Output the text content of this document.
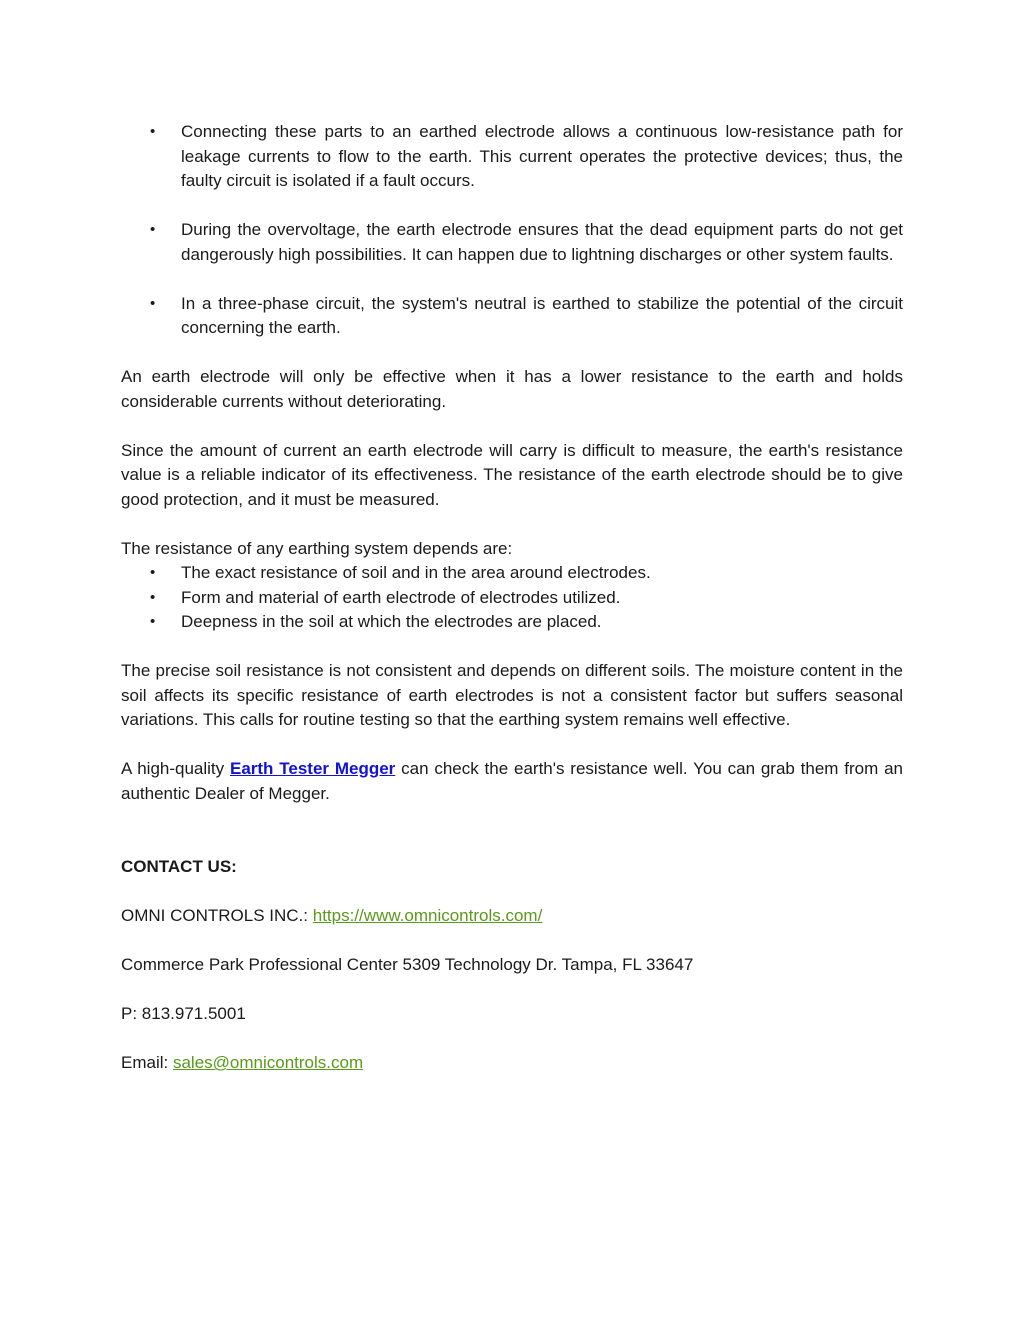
• Connecting these parts to an earthed electrode allows a continuous low-resistance path for leakage currents to flow to the earth. This current operates the protective devices; thus, the faulty circuit is isolated if a fault occurs.
• During the overvoltage, the earth electrode ensures that the dead equipment parts do not get dangerously high possibilities. It can happen due to lightning discharges or other system faults.
• In a three-phase circuit, the system's neutral is earthed to stabilize the potential of the circuit concerning the earth.

An earth electrode will only be effective when it has a lower resistance to the earth and holds considerable currents without deteriorating.

Since the amount of current an earth electrode will carry is difficult to measure, the earth's resistance value is a reliable indicator of its effectiveness. The resistance of the earth electrode should be to give good protection, and it must be measured.

The resistance of any earthing system depends are:

• The exact resistance of soil and in the area around electrodes.
• Form and material of earth electrode of electrodes utilized.
• Deepness in the soil at which the electrodes are placed.

The precise soil resistance is not consistent and depends on different soils. The moisture content in the soil affects its specific resistance of earth electrodes is not a consistent factor but suffers seasonal variations. This calls for routine testing so that the earthing system remains well effective.

A high-quality Earth Tester Megger can check the earth's resistance well. You can grab them from an authentic Dealer of Megger.

CONTACT US:

OMNI CONTROLS INC.: https://www.omnicontrols.com/

Commerce Park Professional Center 5309 Technology Dr. Tampa, FL 33647

P: 813.971.5001

Email: sales@omnicontrols.com
